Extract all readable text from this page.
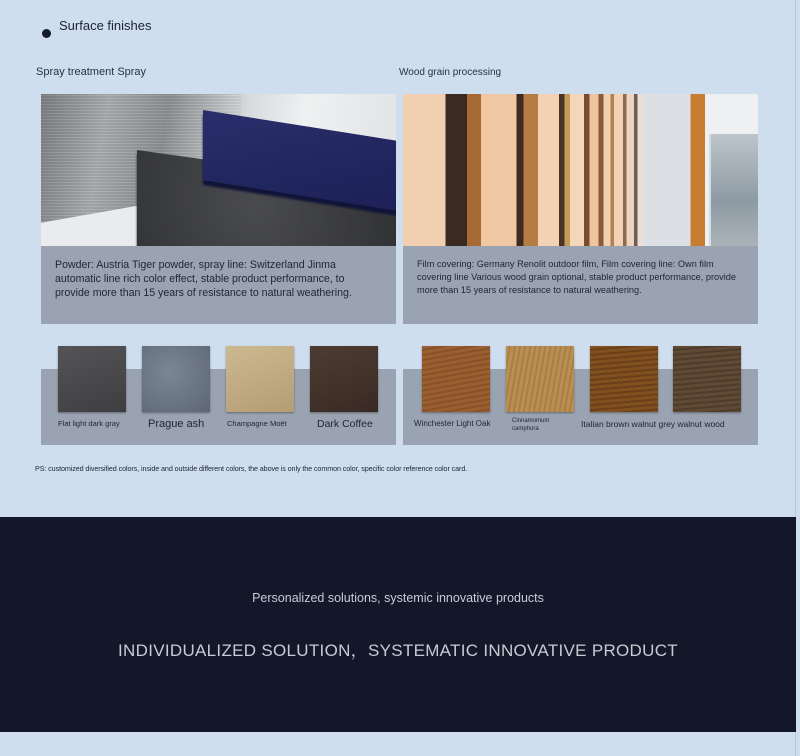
Surface finishes
Spray treatment Spray	Wood grain processing
Powder: Austria Tiger powder, spray line: Switzerland Jinma automatic line rich color effect, stable product performance, to provide more than 15 years of resistance to natural weathering.
Film covering: Germany Renolit outdoor film, Film covering line: Own film covering line Various wood grain optional, stable product performance, provide more than 15 years of resistance to natural weathering.
Flat light dark gray	Prague ash	Champagne Moët	Dark Coffee	Winchester Light Oak	Cinnamomum camphora	Italian brown walnut grey walnut wood
PS: customized diversified colors, inside and outside different colors, the above is only the common color, specific color reference color card.
Personalized solutions, systemic innovative products
INDIVIDUALIZED SOLUTION，SYSTEMATIC INNOVATIVE PRODUCT
